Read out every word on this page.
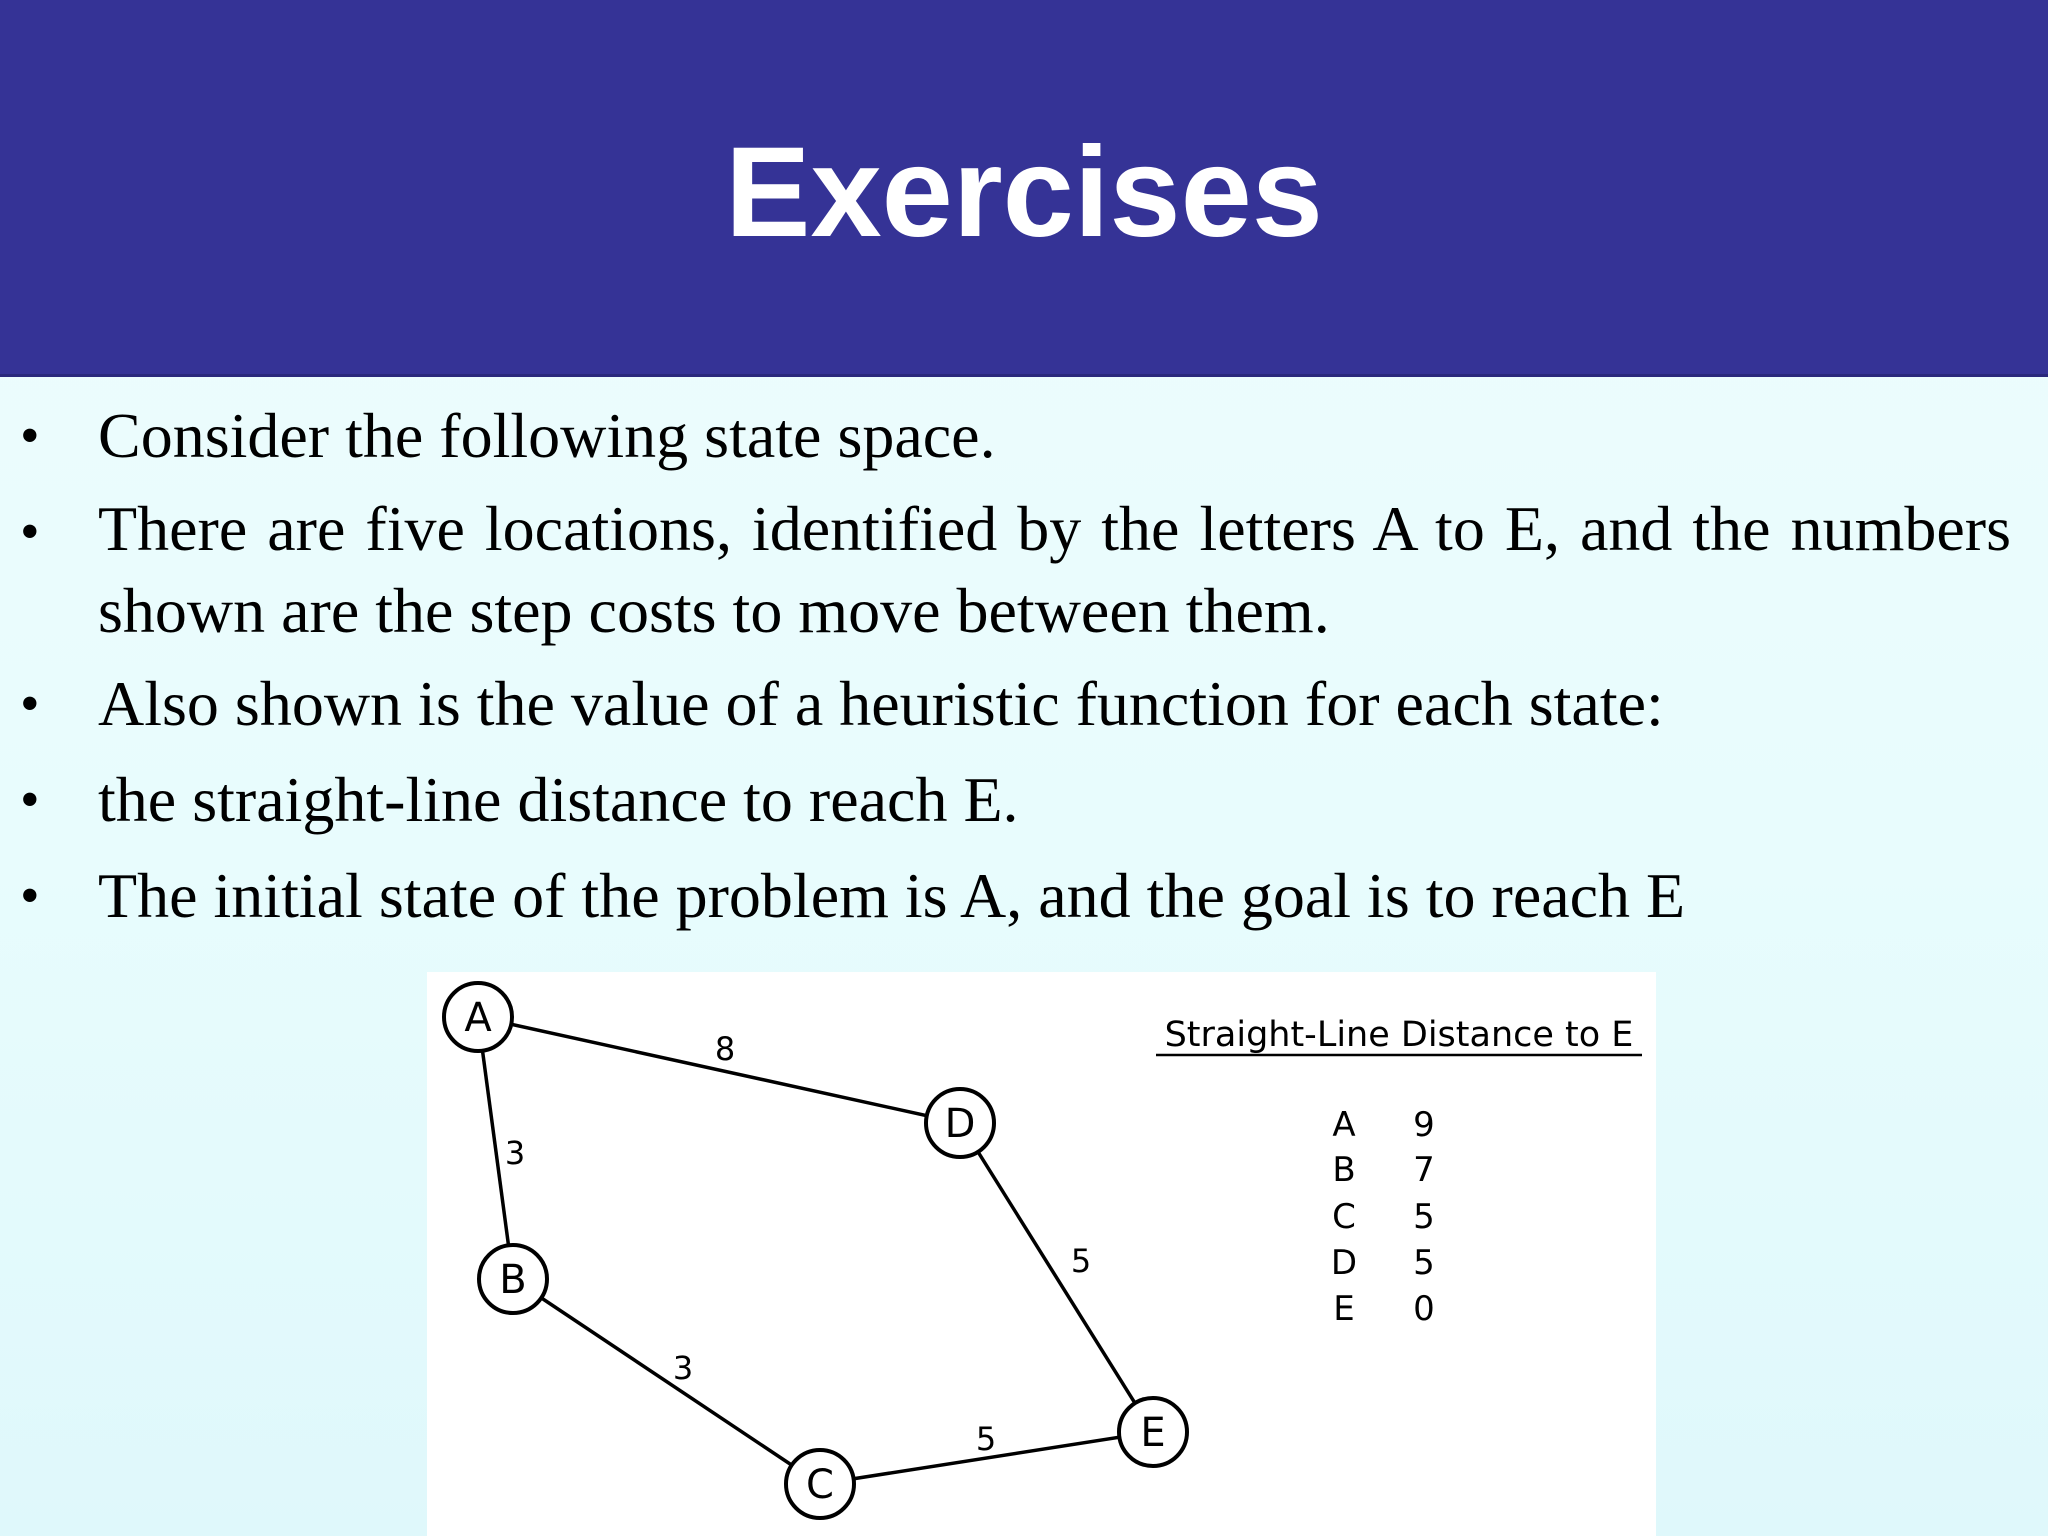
Exercises
• Consider the following state space.
• There are five locations, identified by the letters A to E, and the numbers shown are the step costs to move between them.
• Also shown is the value of a heuristic function for each state:
• the straight-line distance to reach E.
• The initial state of the problem is A, and the goal is to reach E
8
3
3
5
5
A
B
C
D
E
Straight-Line Distance to E
A 9
B 7
C 5
D 5
E 0
